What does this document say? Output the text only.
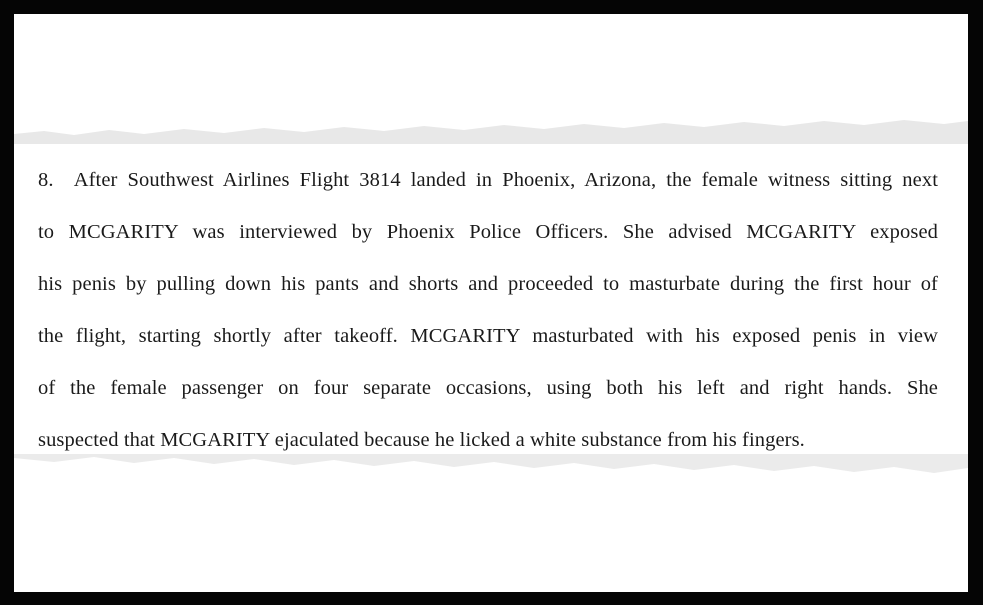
8. After Southwest Airlines Flight 3814 landed in Phoenix, Arizona, the female witness sitting next
to MCGARITY was interviewed by Phoenix Police Officers. She advised MCGARITY exposed
his penis by pulling down his pants and shorts and proceeded to masturbate during the first hour of
the flight, starting shortly after takeoff. MCGARITY masturbated with his exposed penis in view
of the female passenger on four separate occasions, using both his left and right hands. She
suspected that MCGARITY ejaculated because he licked a white substance from his fingers.
